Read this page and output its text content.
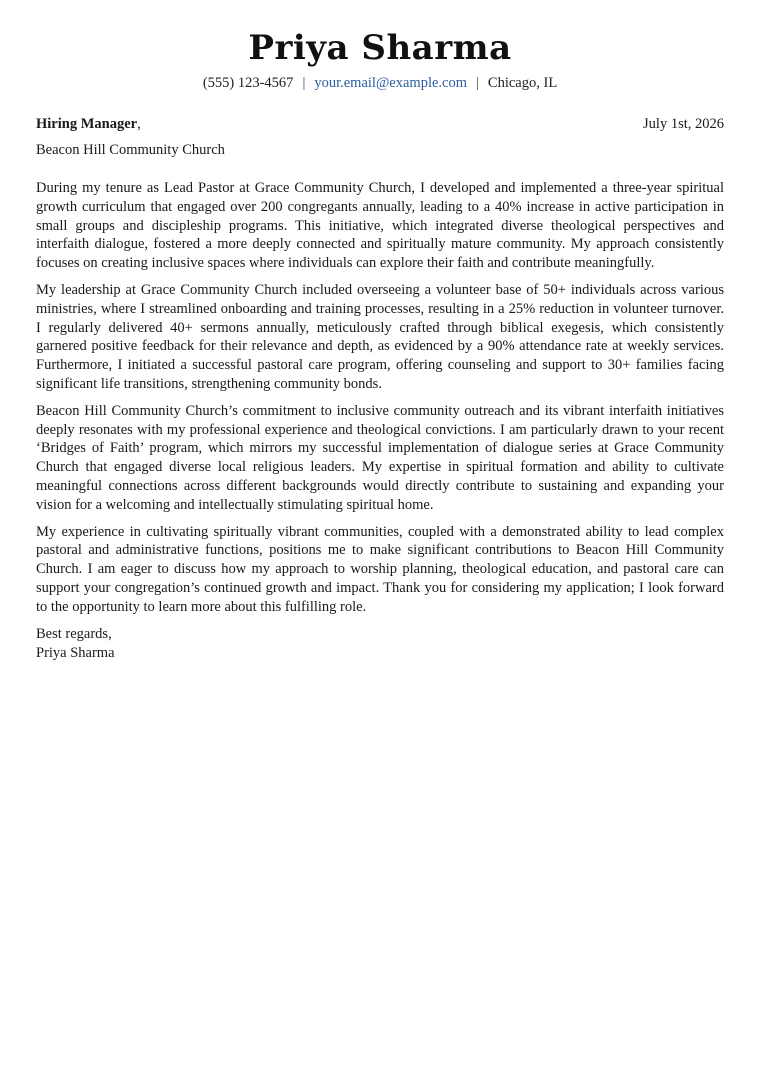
Priya Sharma
(555) 123-4567 | your.email@example.com | Chicago, IL
Hiring Manager,	July 1st, 2026
Beacon Hill Community Church

During my tenure as Lead Pastor at Grace Community Church, I developed and implemented a three-year spiritual growth curriculum that engaged over 200 congregants annually, leading to a 40% increase in active participation in small groups and discipleship programs. This initiative, which integrated diverse theological perspectives and interfaith dialogue, fostered a more deeply connected and spiritually mature community. My approach consistently focuses on creating inclusive spaces where individuals can explore their faith and contribute meaningfully.

My leadership at Grace Community Church included overseeing a volunteer base of 50+ individuals across various ministries, where I streamlined onboarding and training processes, resulting in a 25% reduction in volunteer turnover. I regularly delivered 40+ sermons annually, meticulously crafted through biblical exegesis, which consistently garnered positive feedback for their relevance and depth, as evidenced by a 90% attendance rate at weekly services. Furthermore, I initiated a successful pastoral care program, offering counseling and support to 30+ families facing significant life transitions, strengthening community bonds.

Beacon Hill Community Church’s commitment to inclusive community outreach and its vibrant interfaith initiatives deeply resonates with my professional experience and theological convictions. I am particularly drawn to your recent ‘Bridges of Faith’ program, which mirrors my successful implementation of dialogue series at Grace Community Church that engaged diverse local religious leaders. My expertise in spiritual formation and ability to cultivate meaningful connections across different backgrounds would directly contribute to sustaining and expanding your vision for a welcoming and intellectually stimulating spiritual home.

My experience in cultivating spiritually vibrant communities, coupled with a demonstrated ability to lead complex pastoral and administrative functions, positions me to make significant contributions to Beacon Hill Community Church. I am eager to discuss how my approach to worship planning, theological education, and pastoral care can support your congregation’s continued growth and impact. Thank you for considering my application; I look forward to the opportunity to learn more about this fulfilling role.

Best regards,
Priya Sharma
